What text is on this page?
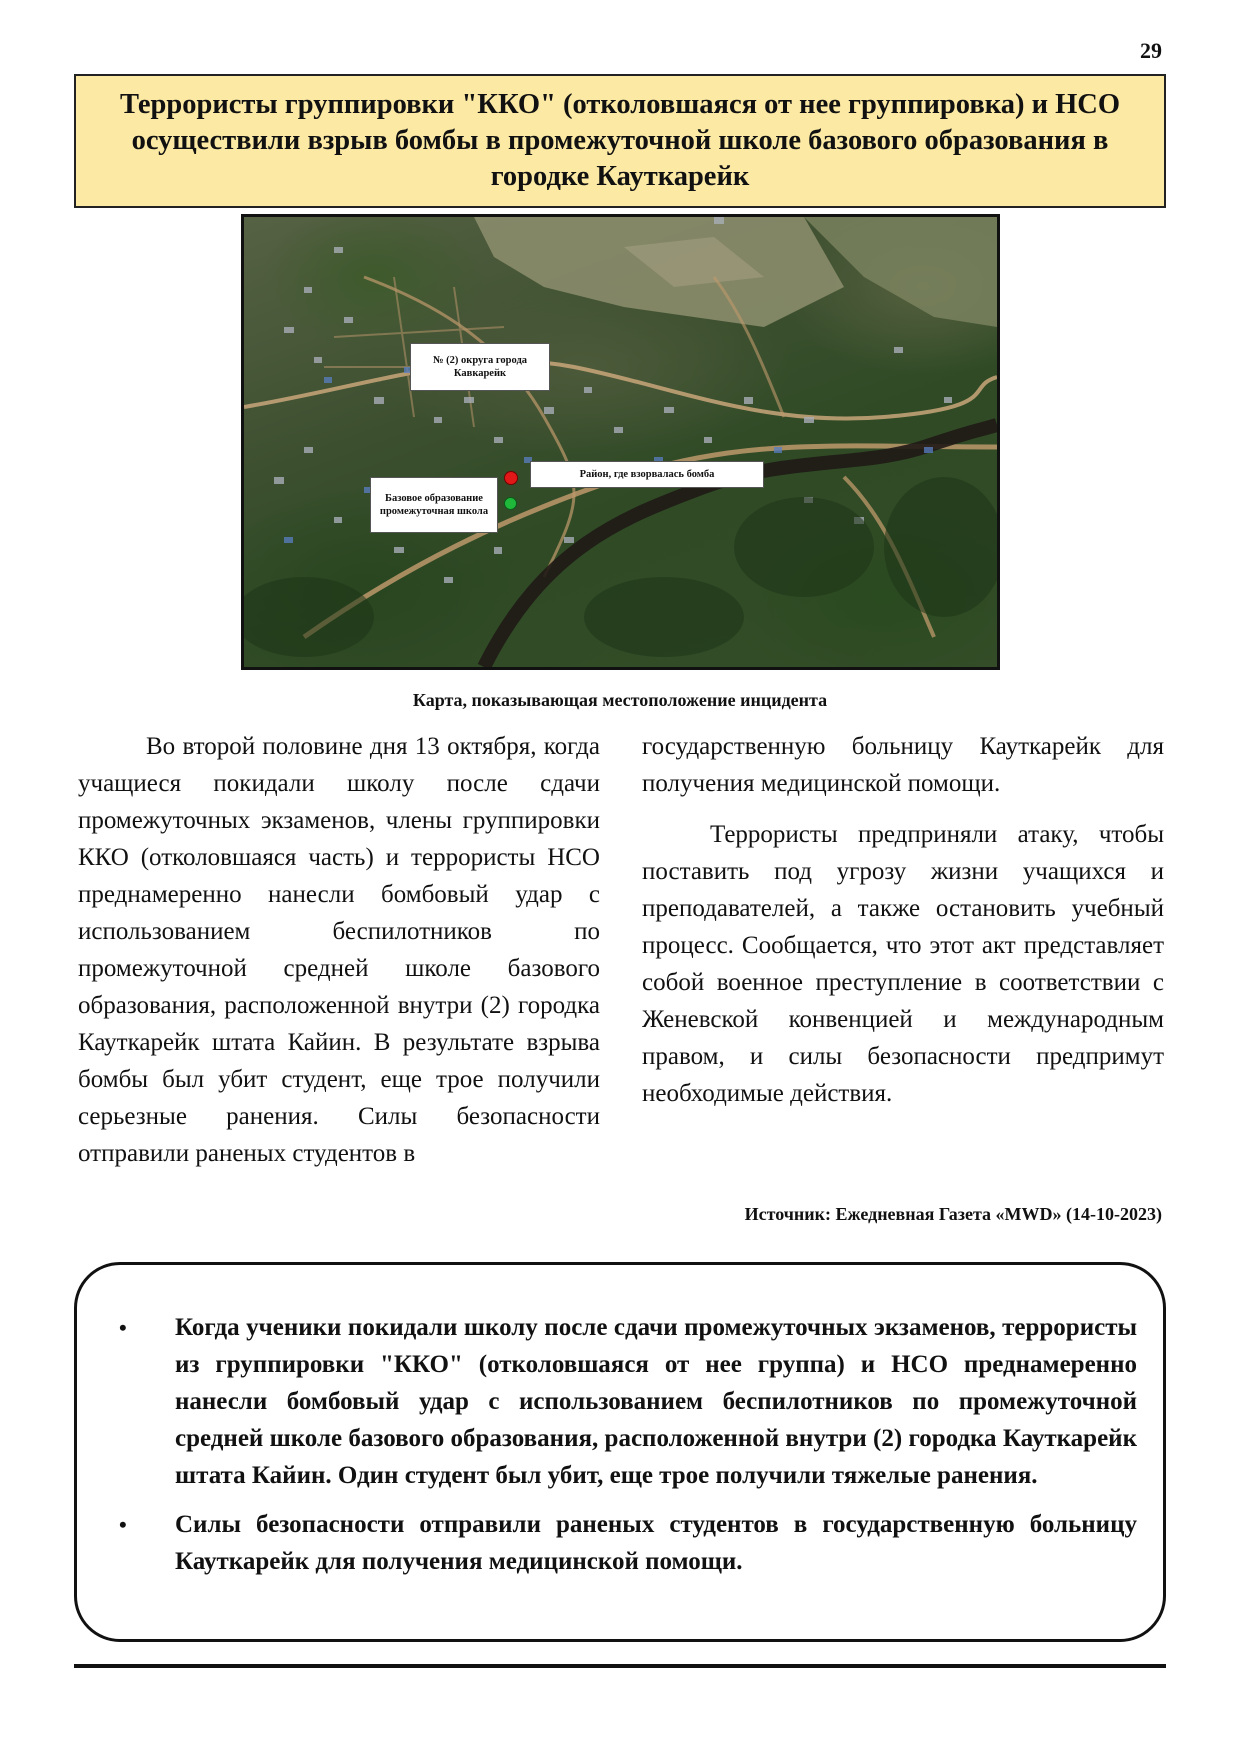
29
Террористы группировки "ККО" (отколовшаяся от нее группировка) и НСО осуществили взрыв бомбы в промежуточной школе базового образования в городке Кауткарейк
№ (2) округа города Кавкарейк
Базовое образование промежуточная школа
Район, где взорвалась бомба
Карта, показывающая местоположение инцидента

Во второй половине дня 13 октября, когда учащиеся покидали школу после сдачи промежуточных экзаменов, члены группировки ККО (отколовшаяся часть) и террористы НСО преднамеренно нанесли бомбовый удар с использованием беспилотников по промежуточной средней школе базового образования, расположенной внутри (2) городка Кауткарейк штата Кайин. В результате взрыва бомбы был убит студент, еще трое получили серьезные ранения. Силы безопасности отправили раненых студентов в

государственную больницу Кауткарейк для получения медицинской помощи.

Террористы предприняли атаку, чтобы поставить под угрозу жизни учащихся и преподавателей, а также остановить учебный процесс. Сообщается, что этот акт представляет собой военное преступление в соответствии с Женевской конвенцией и международным правом, и силы безопасности предпримут необходимые действия.

Источник: Ежедневная Газета «MWD» (14-10-2023)
• Когда ученики покидали школу после сдачи промежуточных экзаменов, террористы из группировки "ККО" (отколовшаяся от нее группа) и НСО преднамеренно нанесли бомбовый удар с использованием беспилотников по промежуточной средней школе базового образования, расположенной внутри (2) городка Кауткарейк штата Кайин. Один студент был убит, еще трое получили тяжелые ранения.
• Силы безопасности отправили раненых студентов в государственную больницу Кауткарейк для получения медицинской помощи.
